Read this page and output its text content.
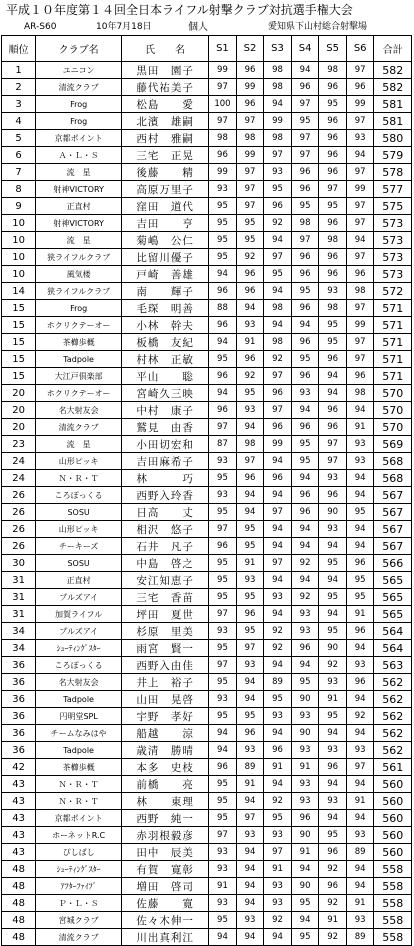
平成１０年度第１４回全日本ライフル射撃クラブ対抗選手権大会
AR-S60	10年7月18日	個人	愛知県下山村総合射撃場
順位	クラブ名	氏　　名	S1	S2	S3	S4	S5	S6	合計
1	ユニコン	黒田　園子	99	96	98	94	98	97	582
2	清流クラブ	藤代祐美子	97	99	98	96	96	96	582
3	Frog	松島　　愛	100	96	94	97	95	99	581
4	Frog	北濱　雄嗣	97	97	99	95	96	97	581
5	京都ポイント	西村　雅嗣	98	98	98	97	96	93	580
6	Ａ・Ｌ・Ｓ	三宅　正晃	96	99	97	97	96	94	579
7	流　星	後藤　　精	99	97	93	96	96	97	578
8	射神VICTORY	高原万里子	93	97	95	96	97	99	577
9	正直村	窪田　道代	95	97	96	95	95	97	575
10	射神VICTORY	吉田　　亨	95	95	92	98	96	97	573
10	流　星	菊嶋　公仁	95	95	94	97	98	94	573
10	狭ライフルクラブ	比留川優子	95	92	97	96	96	97	573
10	風気楼	戸崎　善雄	94	96	95	96	96	96	573
14	狭ライフルクラブ	南　　輝子	96	96	94	95	93	98	572
15	Frog	毛琛　明善	88	94	98	96	98	97	571
15	ホクリクテーオー	小林　幹夫	96	93	94	94	95	99	571
15	茶櫛歩概	板橋　友紀	94	91	98	96	95	97	571
15	Tadpole	村林　正敏	95	96	92	95	96	97	571
15	大江戸倶楽部	平山　　聡	96	92	97	96	94	96	571
20	ホクリクテーオー	宮崎久三映	94	95	96	93	94	98	570
20	名大射友会	中村　康子	96	93	97	94	96	94	570
20	清流クラブ	鷲見　由香	97	94	96	96	96	91	570
23	流　星	小田切宏和	87	98	99	95	97	93	569
24	山形ピッキ	吉田麻希子	93	97	94	95	97	93	568
24	Ｎ・Ｒ・Ｔ	林　　　巧	95	96	96	94	93	94	568
26	ころぽっくる	西野入玲香	93	94	94	96	96	94	567
26	SOSU	日高　　丈	95	94	97	96	90	95	567
26	山形ピッキ	相沢　悠子	97	95	94	94	93	94	567
26	チーキーズ	石井　凡子	96	95	94	94	94	94	567
30	SOSU	中島　啓之	95	91	97	92	95	96	566
31	正直村	安江知恵子	95	93	94	94	94	95	565
31	プルズアイ	三宅　香苗	95	95	93	92	95	95	565
31	加賀ライフル	坪田　夏世	97	96	94	93	94	91	565
34	プルズアイ	杉原　里美	93	95	92	93	95	96	564
34	ｼｭｰﾃｨﾝｸﾞｽﾀｰ	雨宮　賢一	95	97	92	96	90	94	564
36	ころぽっくる	西野入由佳	97	93	94	94	92	93	563
36	名大射友会	井上　裕子	95	94	89	95	93	96	562
36	Tadpole	山田　晃啓	93	94	95	90	91	94	562
36	円明堂SPL	宇野　孝好	95	95	93	93	95	92	562
36	チームなみはや	船越　　涼	94	96	94	90	94	94	562
36	Tadpole	歳清　勝晴	94	93	96	93	93	93	562
42	茶櫛歩概	本多　史枝	96	89	91	91	96	97	561
43	Ｎ・Ｒ・Ｔ	前橋　　亮	95	91	94	93	94	94	560
43	Ｎ・Ｒ・Ｔ	林　　東理	95	94	92	93	93	91	560
43	京都ポイント	西野　純一	95	97	95	96	94	94	560
43	ホーネットR.C	赤羽根毅彦	97	93	93	90	95	93	560
43	ぴしばし	田中　辰美	93	94	97	91	96	89	560
48	ｼｭｰﾃｨﾝｸﾞｽﾀｰ	有賀　寛彰	93	94	91	94	92	94	558
48	ｱﾌﾀｰﾌｧｲﾌﾞ	増田　啓司	91	94	93	90	96	94	558
48	Ｐ・Ｌ・Ｓ	佐藤　　寛	93	94	93	95	92	91	558
48	宮城クラブ	佐々木伸一	95	93	92	94	91	93	558
48	清流クラブ	川出真利江	94	94	94	95	92	89	558
